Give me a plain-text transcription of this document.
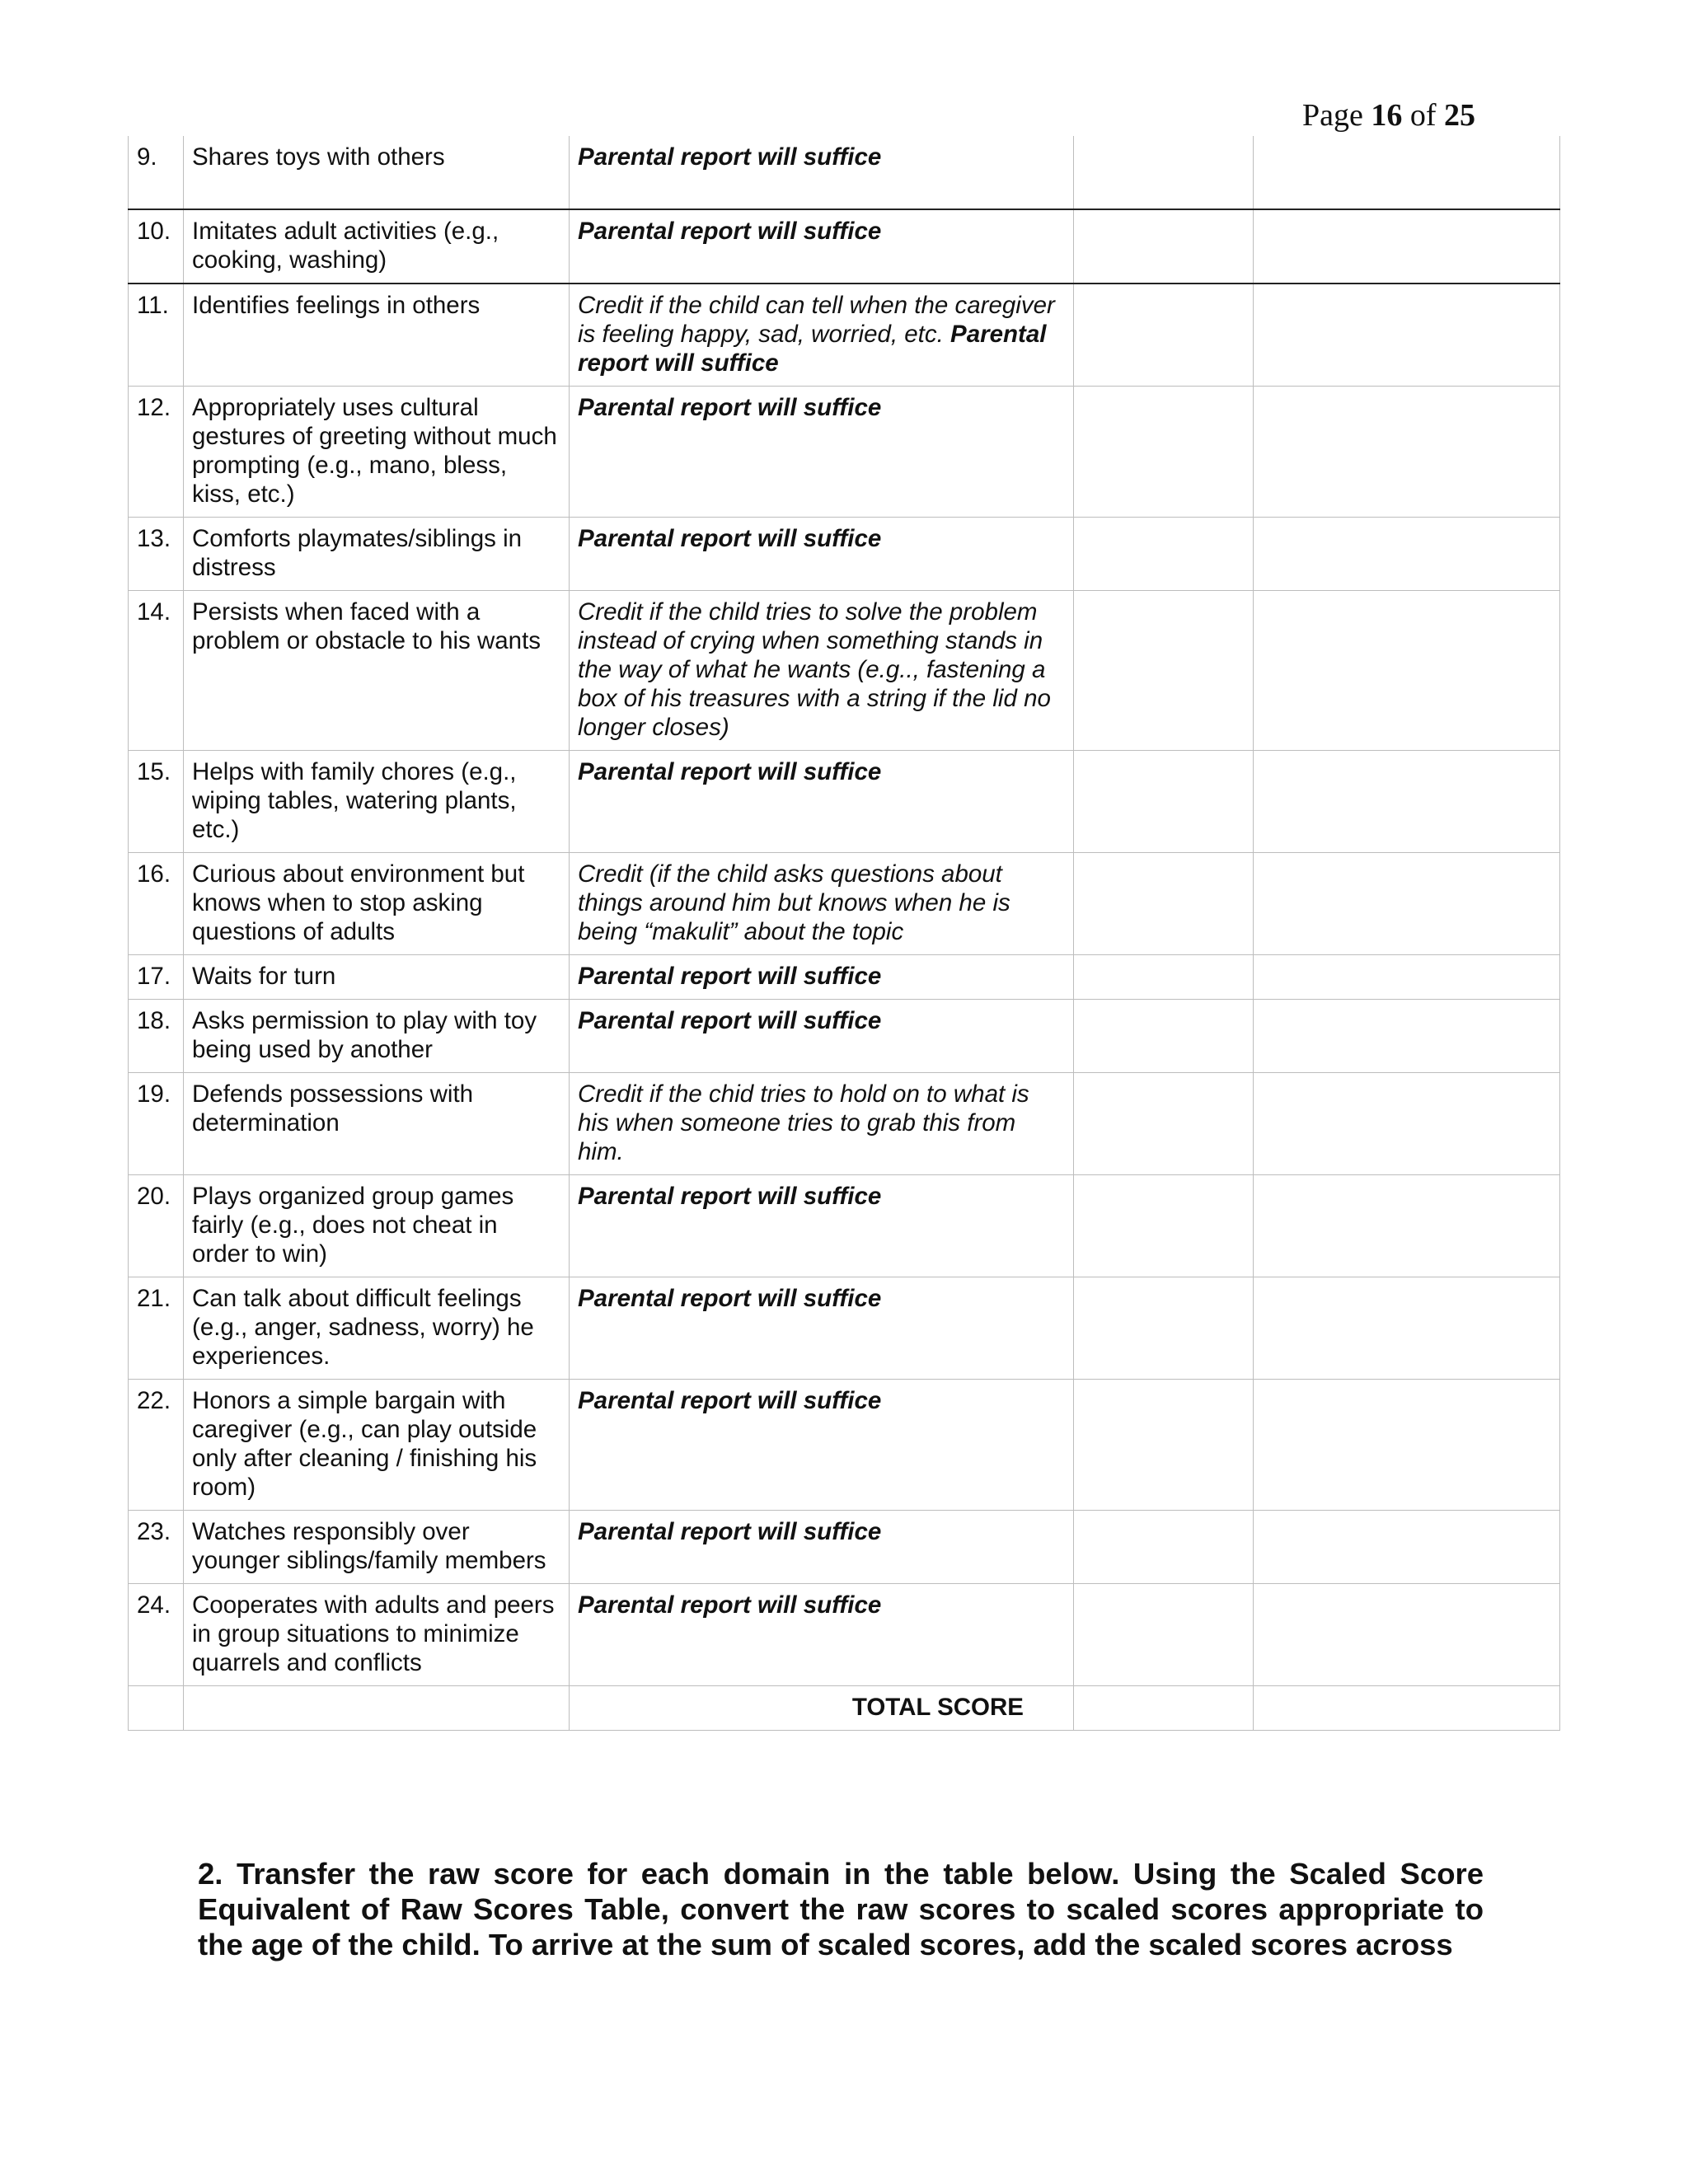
Page 16 of 25
9.	Shares toys with others	Parental report will suffice		
10.	Imitates adult activities (e.g., cooking, washing)	Parental report will suffice		
11.	Identifies feelings in others	Credit if the child can tell when the caregiver is feeling happy, sad, worried, etc. Parental report will suffice		
12.	Appropriately uses cultural gestures of greeting without much prompting (e.g., mano, bless, kiss, etc.)	Parental report will suffice		
13.	Comforts playmates/siblings in distress	Parental report will suffice		
14.	Persists when faced with a problem or obstacle to his wants	Credit if the child tries to solve the problem instead of crying when something stands in the way of what he wants (e.g.., fastening a box of his treasures with a string if the lid no longer closes)		
15.	Helps with family chores (e.g., wiping tables, watering plants, etc.)	Parental report will suffice		
16.	Curious about environment but knows when to stop asking questions of adults	Credit (if the child asks questions about things around him but knows when he is being “makulit” about the topic		
17.	Waits for turn	Parental report will suffice		
18.	Asks permission to play with toy being used by another	Parental report will suffice		
19.	Defends possessions with determination	Credit if the chid tries to hold on to what is his when someone tries to grab this from him.		
20.	Plays organized group games fairly (e.g., does not cheat in order to win)	Parental report will suffice		
21.	Can talk about difficult feelings (e.g., anger, sadness, worry) he experiences.	Parental report will suffice		
22.	Honors a simple bargain with caregiver (e.g., can play outside only after cleaning / finishing his room)	Parental report will suffice		
23.	Watches responsibly over younger siblings/family members	Parental report will suffice		
24.	Cooperates with adults and peers in group situations to minimize quarrels and conflicts	Parental report will suffice		
		TOTAL SCORE		
2. Transfer the raw score for each domain in the table below. Using the Scaled Score Equivalent of Raw Scores Table, convert the raw scores to scaled scores appropriate to the age of the child. To arrive at the sum of scaled scores, add the scaled scores across
